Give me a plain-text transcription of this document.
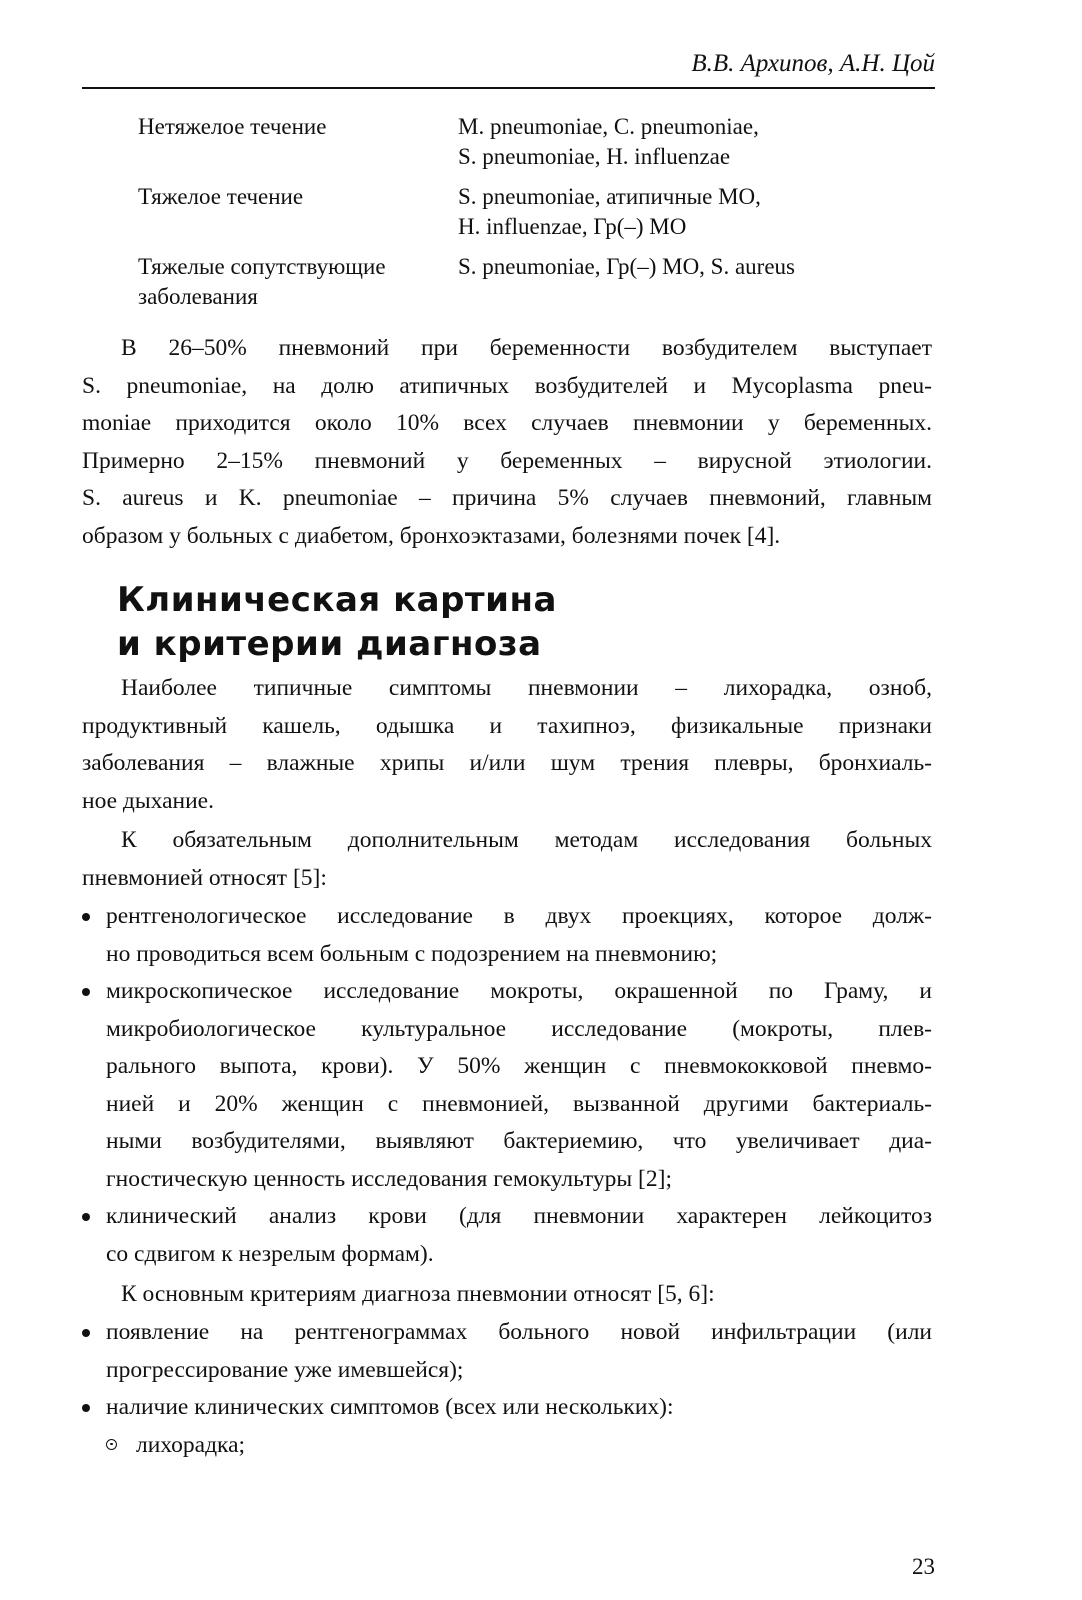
В.В. Архипов, А.Н. Цой
Нетяжелое течение	M. pneumoniae, C. pneumoniae,
S. pneumoniae, H. influenzae
Тяжелое течение	S. pneumoniae, атипичные МО,
H. influenzae, Гр(–) МО
Тяжелые сопутствующие
заболевания
S. pneumoniae, Гр(–) МО, S. aureus
В 26–50% пневмоний при беременности возбудителем выступает
S. pneumoniae, на долю атипичных возбудителей и Mycoplasma pneu-
moniae приходится около 10% всех случаев пневмонии у беременных.
Примерно 2–15% пневмоний у беременных – вирусной этиологии.
S. aureus и K. pneumoniae – причина 5% случаев пневмоний, главным
образом у больных с диабетом, бронхоэктазами, болезнями почек [4].
Клиническая картина
и критерии диагноза
Наиболее типичные симптомы пневмонии – лихорадка, озноб,
продуктивный кашель, одышка и тахипноэ, физикальные признаки
заболевания – влажные хрипы и/или шум трения плевры, бронхиаль-
ное дыхание.
К обязательным дополнительным методам исследования больных
пневмонией относят [5]:
рентгенологическое исследование в двух проекциях, которое долж-
но проводиться всем больным с подозрением на пневмонию;
микроскопическое исследование мокроты, окрашенной по Граму, и
микробиологическое культуральное исследование (мокроты, плев-
рального выпота, крови). У 50% женщин с пневмококковой пневмо-
нией и 20% женщин с пневмонией, вызванной другими бактериаль-
ными возбудителями, выявляют бактериемию, что увеличивает диа-
гностическую ценность исследования гемокультуры [2];
клинический анализ крови (для пневмонии характерен лейкоцитоз
со сдвигом к незрелым формам).
К основным критериям диагноза пневмонии относят [5, 6]:
появление на рентгенограммах больного новой инфильтрации (или
прогрессирование уже имевшейся);
наличие клинических симптомов (всех или нескольких):
лихорадка;
23
